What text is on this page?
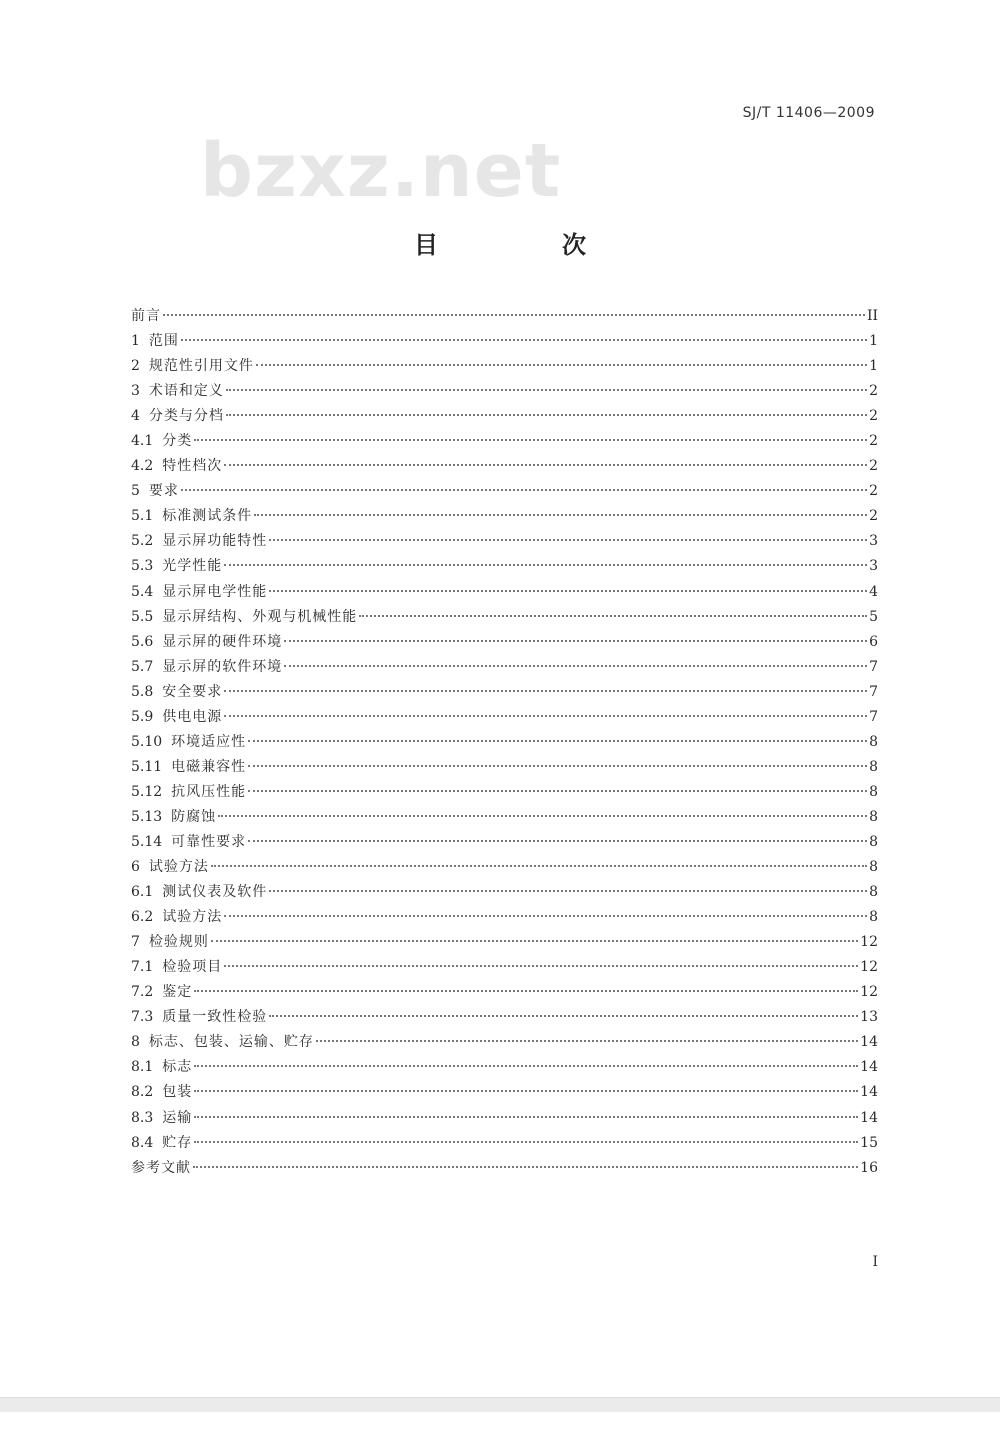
SJ/T 11406—2009
bzxz.net
目　次
前言	II
1 范围	1
2 规范性引用文件	1
3 术语和定义	2
4 分类与分档	2
4.1 分类	2
4.2 特性档次	2
5 要求	2
5.1 标准测试条件	2
5.2 显示屏功能特性	3
5.3 光学性能	3
5.4 显示屏电学性能	4
5.5 显示屏结构、外观与机械性能	5
5.6 显示屏的硬件环境	6
5.7 显示屏的软件环境	7
5.8 安全要求	7
5.9 供电电源	7
5.10 环境适应性	8
5.11 电磁兼容性	8
5.12 抗风压性能	8
5.13 防腐蚀	8
5.14 可靠性要求	8
6 试验方法	8
6.1 测试仪表及软件	8
6.2 试验方法	8
7 检验规则	12
7.1 检验项目	12
7.2 鉴定	12
7.3 质量一致性检验	13
8 标志、包装、运输、贮存	14
8.1 标志	14
8.2 包装	14
8.3 运输	14
8.4 贮存	15
参考文献	16
I
